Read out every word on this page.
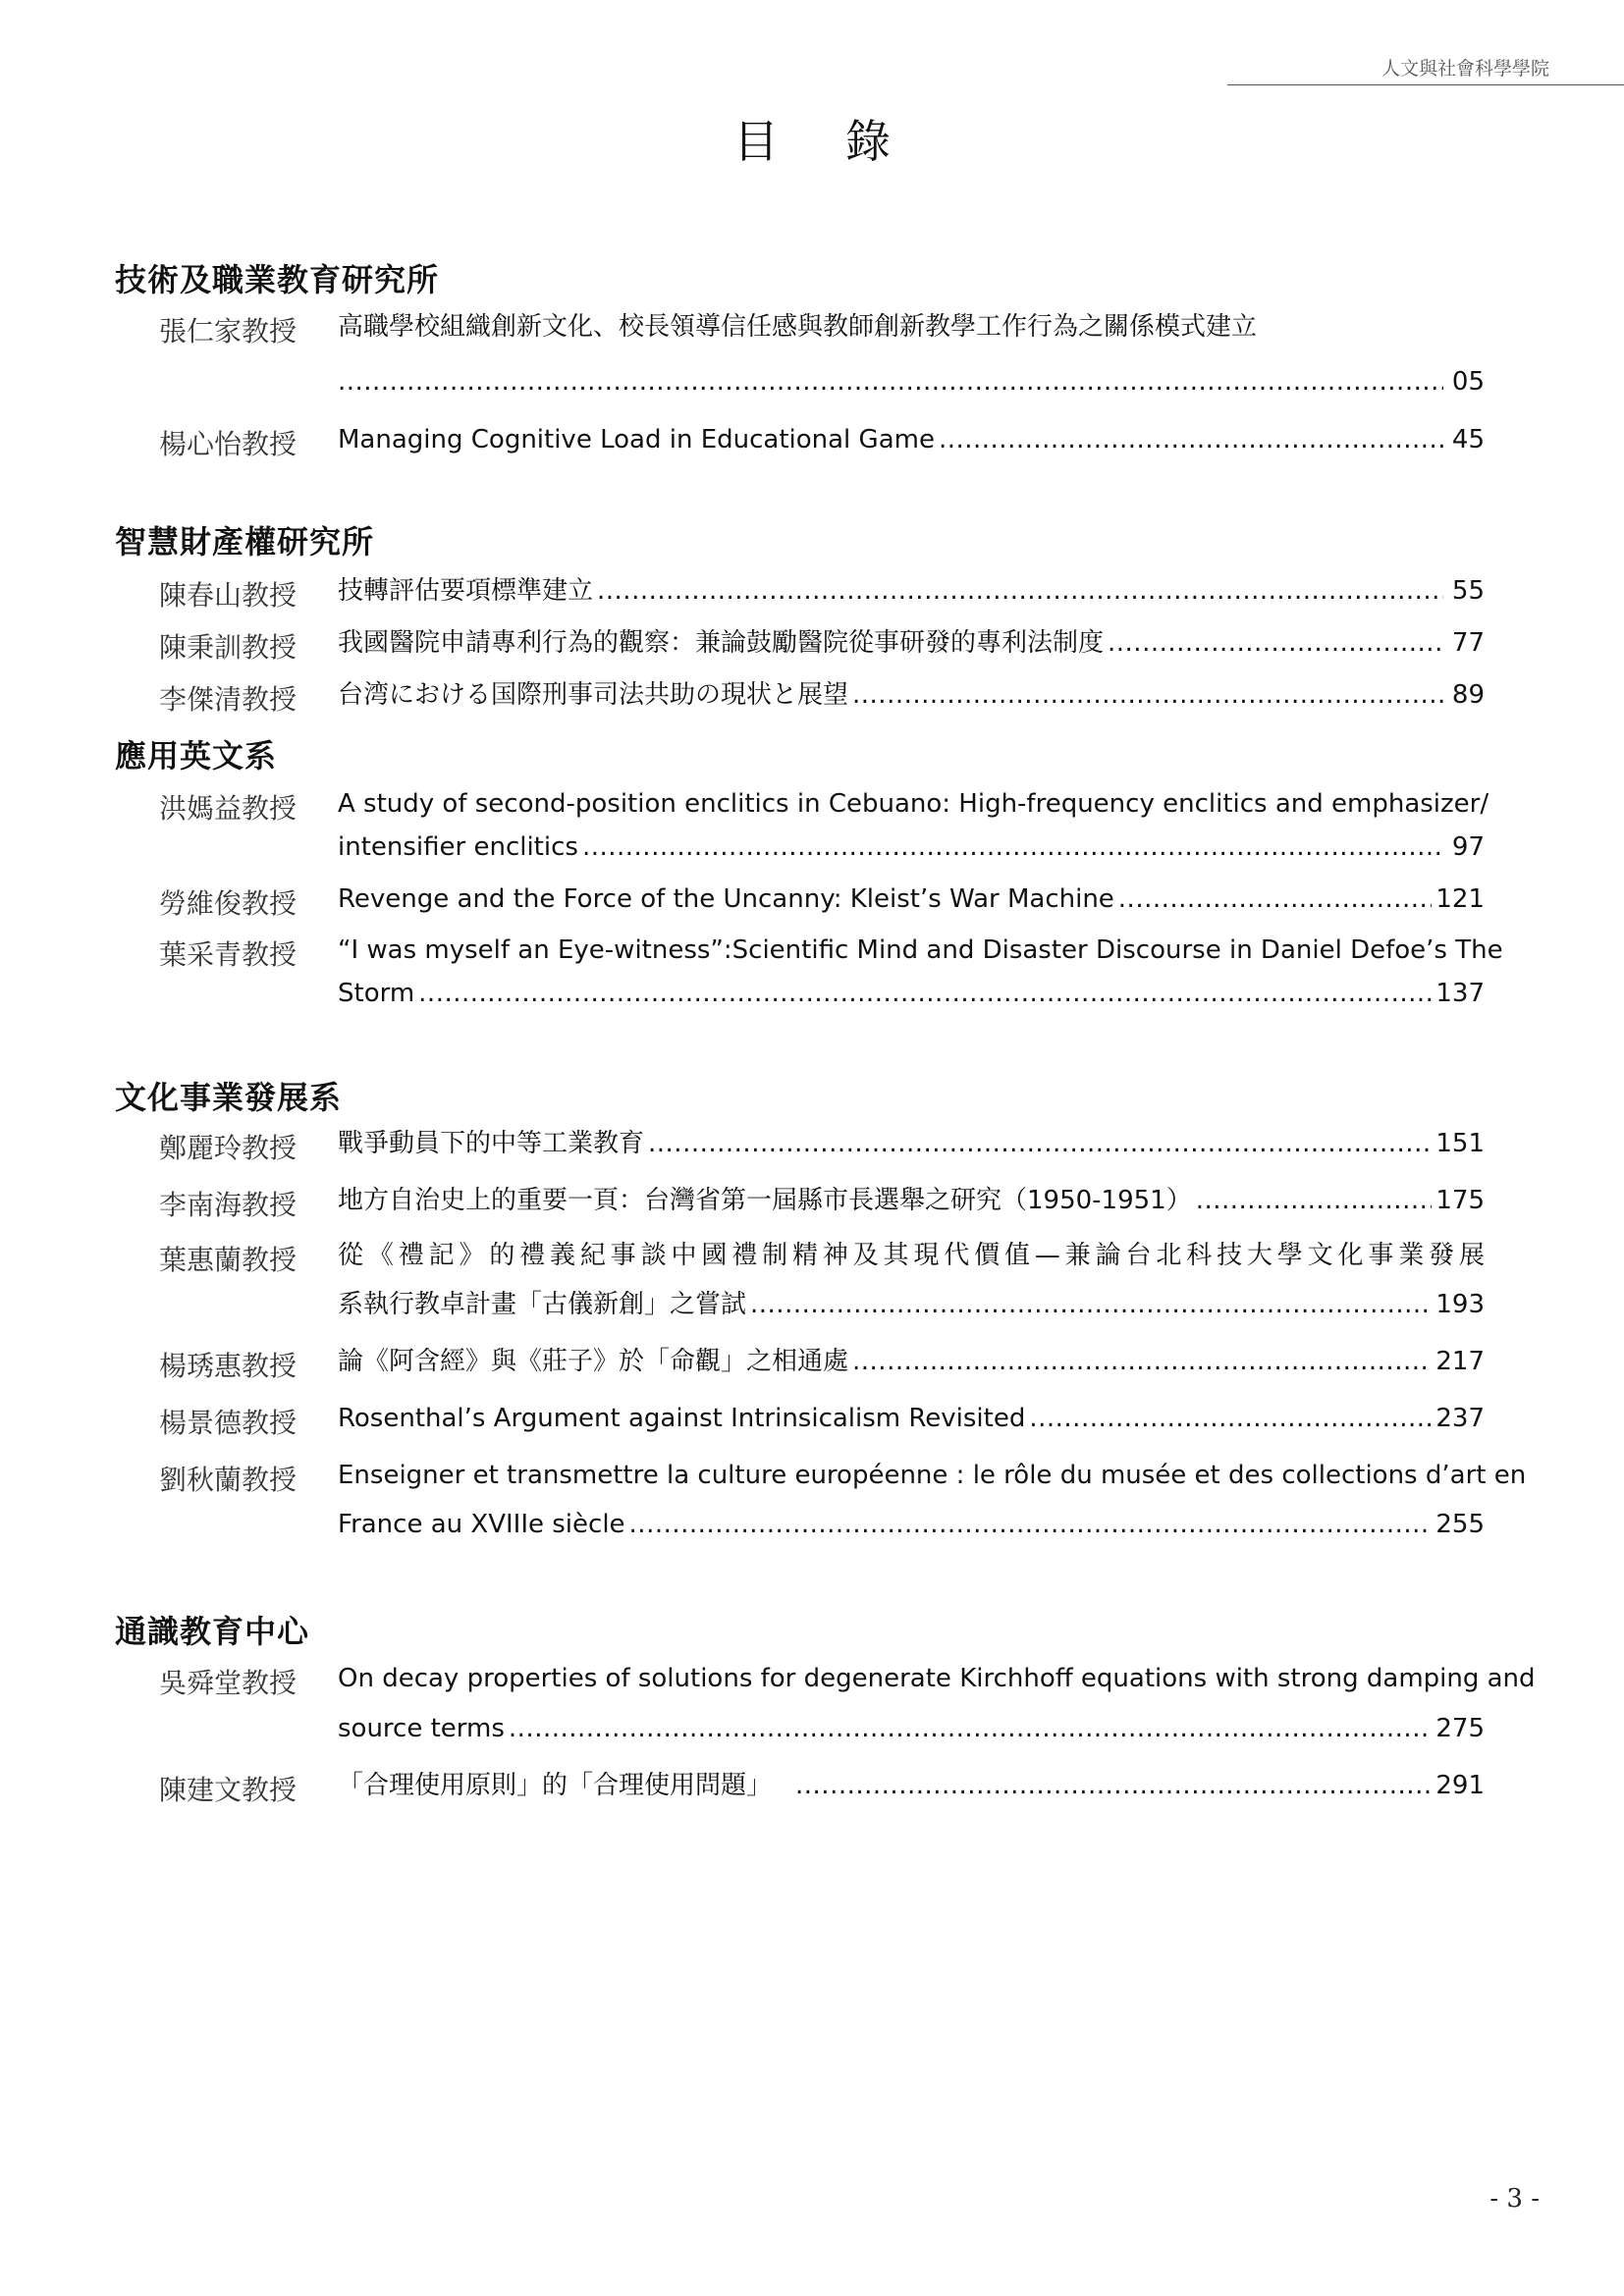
人文與社會科學學院
目錄
技術及職業教育研究所
張仁家教授	高職學校組織創新文化、校長領導信任感與教師創新教學工作行為之關係模式建立
.....
05
楊心怡教授	Managing Cognitive Load in Educational Game .....	45
智慧財產權研究所
陳春山教授	技轉評估要項標準建立 .....	55
陳秉訓教授	我國醫院申請專利行為的觀察：兼論鼓勵醫院從事研發的專利法制度 .....	77
李傑清教授	台湾における国際刑事司法共助の現状と展望 .....	89
應用英文系
洪媽益教授	A study of second-position enclitics in Cebuano: High-frequency enclitics and emphasizer/
intensifier enclitics .....	97
勞維俊教授	Revenge and the Force of the Uncanny: Kleist’s War Machine .....	121
葉采青教授	“I was myself an Eye-witness”:Scientific Mind and Disaster Discourse in Daniel Defoe’s The
Storm .....	137
文化事業發展系
鄭麗玲教授	戰爭動員下的中等工業教育 .....	151
李南海教授	地方自治史上的重要一頁：台灣省第一屆縣市長選舉之研究（1950-1951） .....	175
葉惠蘭教授	從《禮記》的禮義紀事談中國禮制精神及其現代價值—兼論台北科技大學文化事業發展
系執行教卓計畫「古儀新創」之嘗試 .....	193
楊琇惠教授	論《阿含經》與《莊子》於「命觀」之相通處 .....	217
楊景德教授	Rosenthal’s Argument against Intrinsicalism Revisited .....	237
劉秋蘭教授	Enseigner et transmettre la culture européenne : le rôle du musée et des collections d’art en
France au XVIIIe siècle .....	255
通識教育中心
吳舜堂教授	On decay properties of solutions for degenerate Kirchhoff equations with strong damping and
source terms .....	275
陳建文教授	「合理使用原則」的「合理使用問題」 .....	291
- 3 -
